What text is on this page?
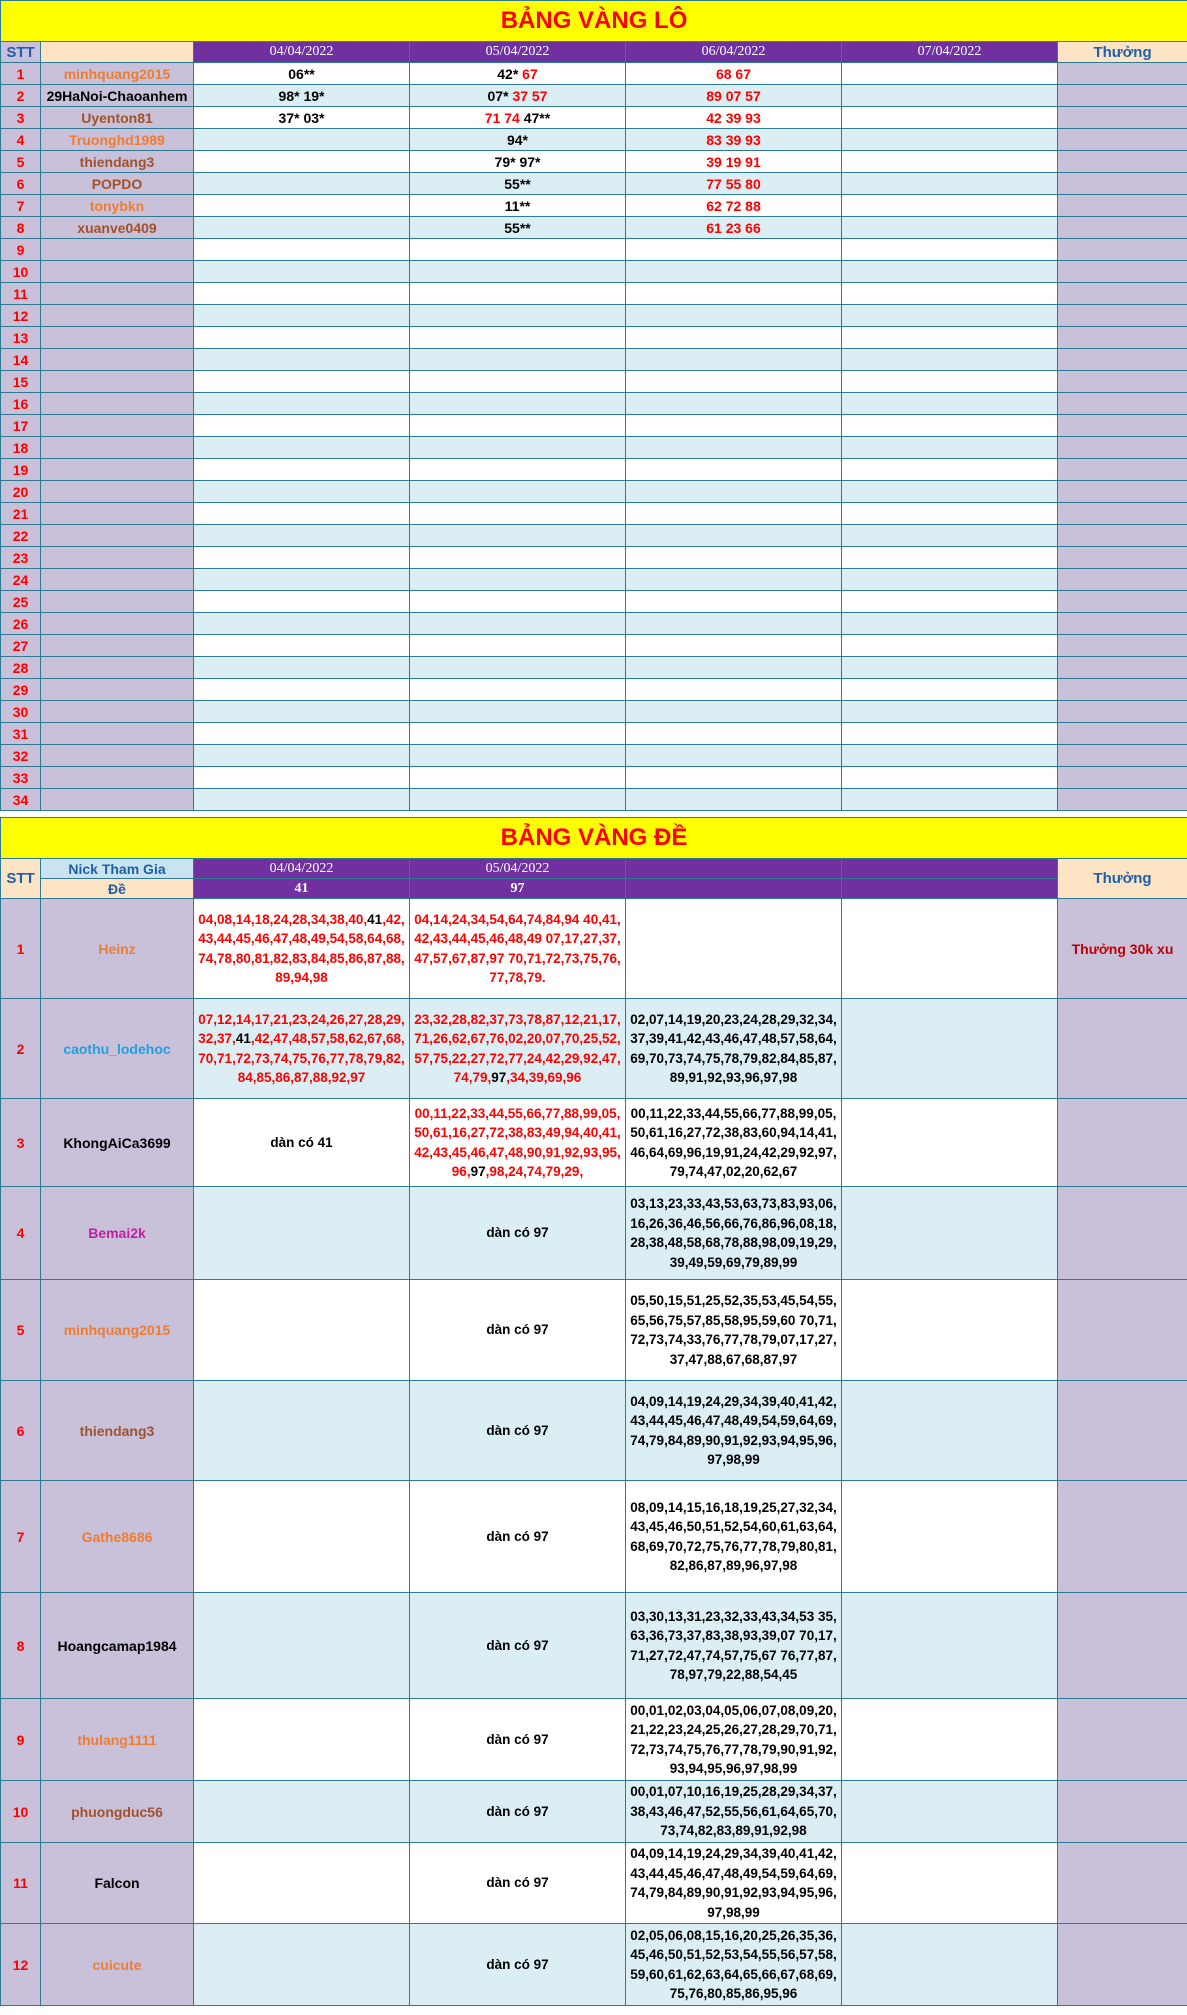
BẢNG VÀNG LÔ						
STT		04/04/2022	05/04/2022	06/04/2022	07/04/2022	Thưởng
1	minhquang2015	06**	42* 67	68 67		
2	29HaNoi-Chaoanhem	98* 19*	07* 37 57	89 07 57		
3	Uyenton81	37* 03*	71 74 47**	42 39 93		
4	Truonghd1989		94*	83 39 93		
5	thiendang3		79* 97*	39 19 91		
6	POPDO		55**	77 55 80		
7	tonybkn		11**	62 72 88		
8	xuanve0409		55**	61 23 66		
9						
10						
11						
12						
13						
14						
15						
16						
17						
18						
19						
20						
21						
22						
23						
24						
25						
26						
27						
28						
29						
30						
31						
32						
33						
34						
BẢNG VÀNG ĐỀ						
STT	Nick Tham Gia	04/04/2022	05/04/2022			Thưởng
	Đề	41	97			
1	Heinz	04,08,14,18,24,28,34,38,40,41,42,43,44,45,46,47,48,49,54,58,64,68,74,78,80,81,82,83,84,85,86,87,88,89,94,98	04,14,24,34,54,64,74,84,94 40,41,42,43,44,45,46,48,49 07,17,27,37,47,57,67,87,97 70,71,72,73,75,76,77,78,79.			Thưởng 30k xu
2	caothu_lodehoc	07,12,14,17,21,23,24,26,27,28,29,32,37,41,42,47,48,57,58,62,67,68,70,71,72,73,74,75,76,77,78,79,82,84,85,86,87,88,92,97	23,32,28,82,37,73,78,87,12,21,17,71,26,62,67,76,02,20,07,70,25,52,57,75,22,27,72,77,24,42,29,92,47,74,79,97,34,39,69,96	02,07,14,19,20,23,24,28,29,32,34,37,39,41,42,43,46,47,48,57,58,64,69,70,73,74,75,78,79,82,84,85,87,89,91,92,93,96,97,98		
3	KhongAiCa3699	dàn có 41	00,11,22,33,44,55,66,77,88,99,05,50,61,16,27,72,38,83,49,94,40,41,42,43,45,46,47,48,90,91,92,93,95,96,97,98,24,74,79,29,	00,11,22,33,44,55,66,77,88,99,05,50,61,16,27,72,38,83,60,94,14,41,46,64,69,96,19,91,24,42,29,92,97,79,74,47,02,20,62,67		
4	Bemai2k		dàn có 97	03,13,23,33,43,53,63,73,83,93,06,16,26,36,46,56,66,76,86,96,08,18,28,38,48,58,68,78,88,98,09,19,29,39,49,59,69,79,89,99		
5	minhquang2015		dàn có 97	05,50,15,51,25,52,35,53,45,54,55,65,56,75,57,85,58,95,59,60 70,71,72,73,74,33,76,77,78,79,07,17,27,37,47,88,67,68,87,97		
6	thiendang3		dàn có 97	04,09,14,19,24,29,34,39,40,41,42,43,44,45,46,47,48,49,54,59,64,69,74,79,84,89,90,91,92,93,94,95,96,97,98,99		
7	Gathe8686		dàn có 97	08,09,14,15,16,18,19,25,27,32,34,43,45,46,50,51,52,54,60,61,63,64,68,69,70,72,75,76,77,78,79,80,81,82,86,87,89,96,97,98		
8	Hoangcamap1984		dàn có 97	03,30,13,31,23,32,33,43,34,53 35,63,36,73,37,83,38,93,39,07 70,17,71,27,72,47,74,57,75,67 76,77,87,78,97,79,22,88,54,45		
9	thulang1111		dàn có 97	00,01,02,03,04,05,06,07,08,09,20,21,22,23,24,25,26,27,28,29,70,71,72,73,74,75,76,77,78,79,90,91,92,93,94,95,96,97,98,99		
10	phuongduc56		dàn có 97	00,01,07,10,16,19,25,28,29,34,37,38,43,46,47,52,55,56,61,64,65,70,73,74,82,83,89,91,92,98		
11	Falcon		dàn có 97	04,09,14,19,24,29,34,39,40,41,42,43,44,45,46,47,48,49,54,59,64,69,74,79,84,89,90,91,92,93,94,95,96,97,98,99		
12	cuicute		dàn có 97	02,05,06,08,15,16,20,25,26,35,36,45,46,50,51,52,53,54,55,56,57,58,59,60,61,62,63,64,65,66,67,68,69,75,76,80,85,86,95,96		
